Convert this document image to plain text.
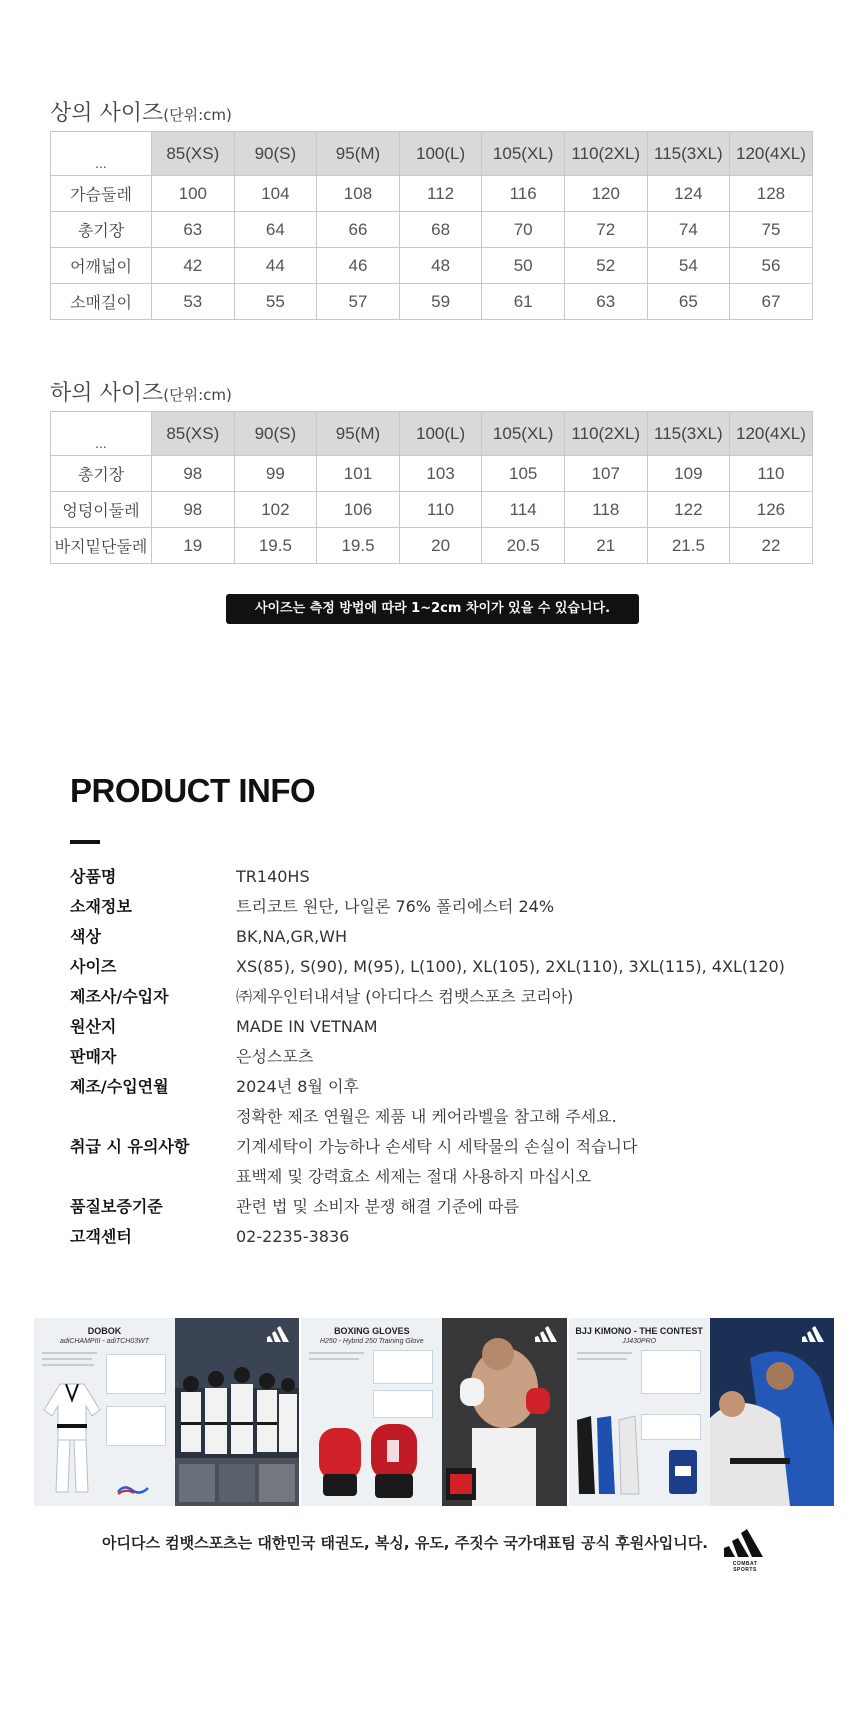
상의 사이즈(단위:cm)
...	85(XS)	90(S)	95(M)	100(L)	105(XL)	110(2XL)	115(3XL)	120(4XL)
가슴둘레	100	104	108	112	116	120	124	128
총기장	63	64	66	68	70	72	74	75
어깨넓이	42	44	46	48	50	52	54	56
소매길이	53	55	57	59	61	63	65	67
하의 사이즈(단위:cm)
...	85(XS)	90(S)	95(M)	100(L)	105(XL)	110(2XL)	115(3XL)	120(4XL)
총기장	98	99	101	103	105	107	109	110
엉덩이둘레	98	102	106	110	114	118	122	126
바지밑단둘레	19	19.5	19.5	20	20.5	21	21.5	22
사이즈는 측정 방법에 따라 1~2cm 차이가 있을 수 있습니다.
PRODUCT INFO
상품명	TR140HS
소재정보	트리코트 원단, 나일론 76% 폴리에스터 24%
색상	BK,NA,GR,WH
사이즈	XS(85), S(90), M(95), L(100), XL(105), 2XL(110), 3XL(115), 4XL(120)
제조사/수입자	㈜제우인터내셔날 (아디다스 컴뱃스포츠 코리아)
원산지	MADE IN VETNAM
판매자	은성스포츠
제조/수입연월	2024년 8월 이후
정확한 제조 연월은 제품 내 케어라벨을 참고해 주세요.
취급 시 유의사항	기계세탁이 가능하나 손세탁 시 세탁물의 손실이 적습니다
표백제 및 강력효소 세제는 절대 사용하지 마십시오
품질보증기준	관련 법 및 소비자 분쟁 해결 기준에 따름
고객센터	02-2235-3836
DOBOK
adiCHAMPIII - adiTCH03WT
BOXING GLOVES
H250 - Hybrid 250 Training Glove
BJJ KIMONO - THE CONTEST
JJ430PRO
아디다스 컴뱃스포츠는 대한민국 태권도, 복싱, 유도, 주짓수 국가대표팀 공식 후원사입니다.
COMBAT SPORTS
